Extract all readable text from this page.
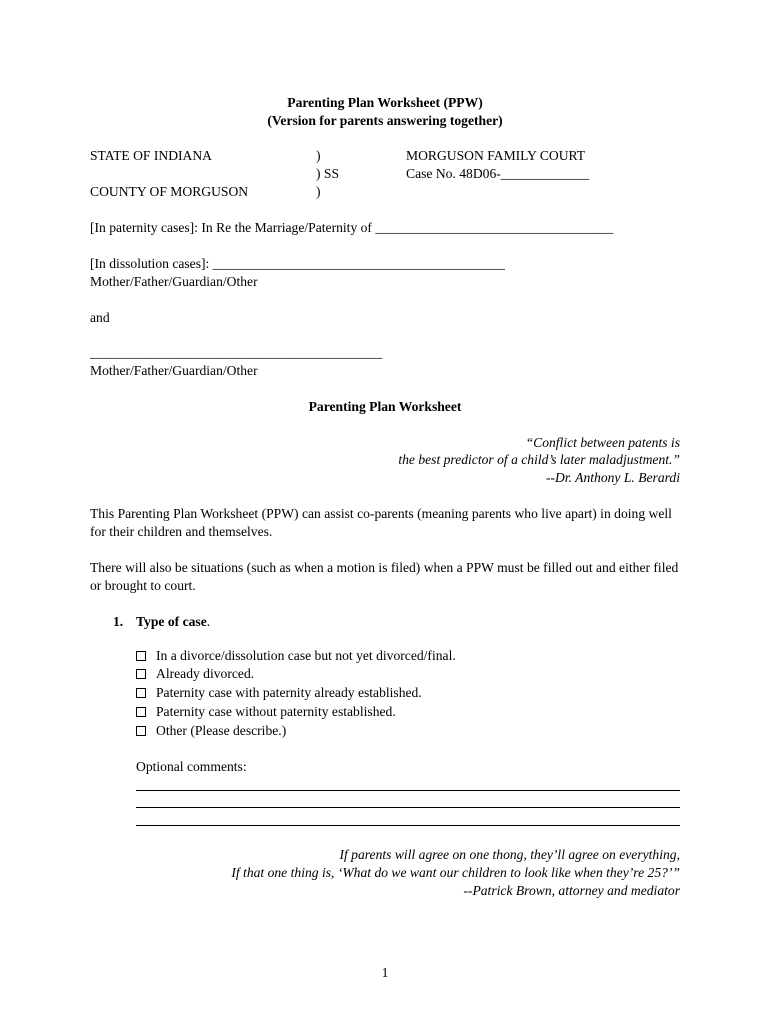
Parenting Plan Worksheet (PPW)
(Version for parents answering together)
STATE OF INDIANA
COUNTY OF MORGUSON
)
) SS
)
MORGUSON FAMILY COURT
Case No. 48D06-_____________
[In paternity cases]: In Re the Marriage/Paternity of ___________________________________
[In dissolution cases]: ___________________________________________
Mother/Father/Guardian/Other
and
___________________________________________
Mother/Father/Guardian/Other
Parenting Plan Worksheet
“Conflict between patents is
the best predictor of a child’s later maladjustment.”
--Dr. Anthony L. Berardi
This Parenting Plan Worksheet (PPW) can assist co-parents (meaning parents who live apart) in doing well for their children and themselves.
There will also be situations (such as when a motion is filed) when a PPW must be filled out and either filed or brought to court.
1. Type of case.
In a divorce/dissolution case but not yet divorced/final.
Already divorced.
Paternity case with paternity already established.
Paternity case without paternity established.
Other (Please describe.)
Optional comments:
If parents will agree on one thong, they’ll agree on everything,
If that one thing is, ‘What do we want our children to look like when they’re 25?’”
--Patrick Brown, attorney and mediator
1
